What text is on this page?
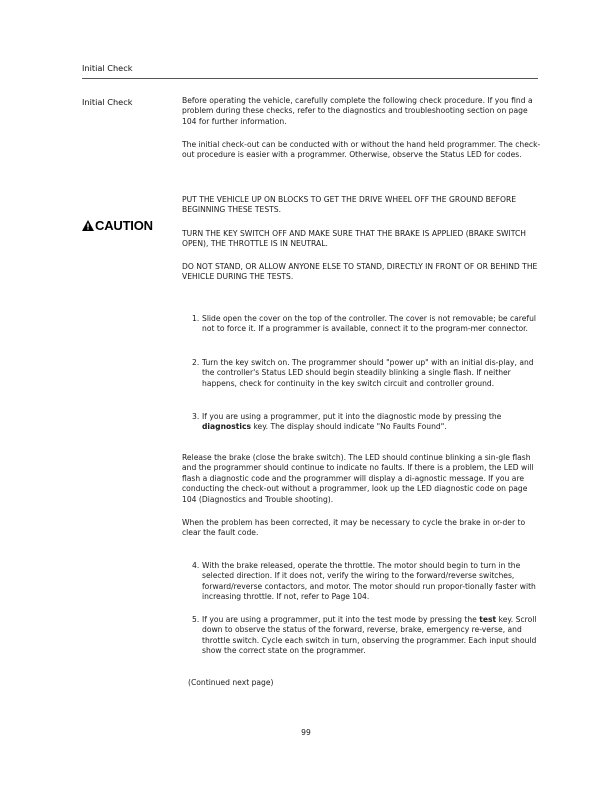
Initial Check
Initial Check	Before operating the vehicle, carefully complete the following check procedure. If you find a problem during these checks, refer to the diagnostics and troubleshooting section on page 104 for further information.
The initial check-out can be conducted with or without the hand held programmer. The check-out procedure is easier with a programmer. Otherwise, observe the Status LED for codes.
CAUTION
PUT THE VEHICLE UP ON BLOCKS TO GET THE DRIVE WHEEL OFF THE GROUND BEFORE BEGINNING THESE TESTS.
TURN THE KEY SWITCH OFF AND MAKE SURE THAT THE BRAKE IS APPLIED (BRAKE SWITCH OPEN), THE THROTTLE IS IN NEUTRAL.
DO NOT STAND, OR ALLOW ANYONE ELSE TO STAND, DIRECTLY IN FRONT OF OR BEHIND THE VEHICLE DURING THE TESTS.
1. Slide open the cover on the top of the controller. The cover is not removable; be careful not to force it. If a programmer is available, connect it to the program-mer connector.
2. Turn the key switch on. The programmer should "power up" with an initial dis-play, and the controller's Status LED should begin steadily blinking a single flash. If neither happens, check for continuity in the key switch circuit and controller ground.
3. If you are using a programmer, put it into the diagnostic mode by pressing the diagnostics key. The display should indicate "No Faults Found".
Release the brake (close the brake switch). The LED should continue blinking a sin-gle flash and the programmer should continue to indicate no faults. If there is a problem, the LED will flash a diagnostic code and the programmer will display a di-agnostic message. If you are conducting the check-out without a programmer, look up the LED diagnostic code on page 104 (Diagnostics and Trouble shooting).
When the problem has been corrected, it may be necessary to cycle the brake in or-der to clear the fault code.
4. With the brake released, operate the throttle. The motor should begin to turn in the selected direction. If it does not, verify the wiring to the forward/reverse switches, forward/reverse contactors, and motor. The motor should run propor-tionally faster with increasing throttle. If not, refer to Page 104.
5. If you are using a programmer, put it into the test mode by pressing the test key. Scroll down to observe the status of the forward, reverse, brake, emergency re-verse, and throttle switch. Cycle each switch in turn, observing the programmer. Each input should show the correct state on the programmer.
(Continued next page)
99
